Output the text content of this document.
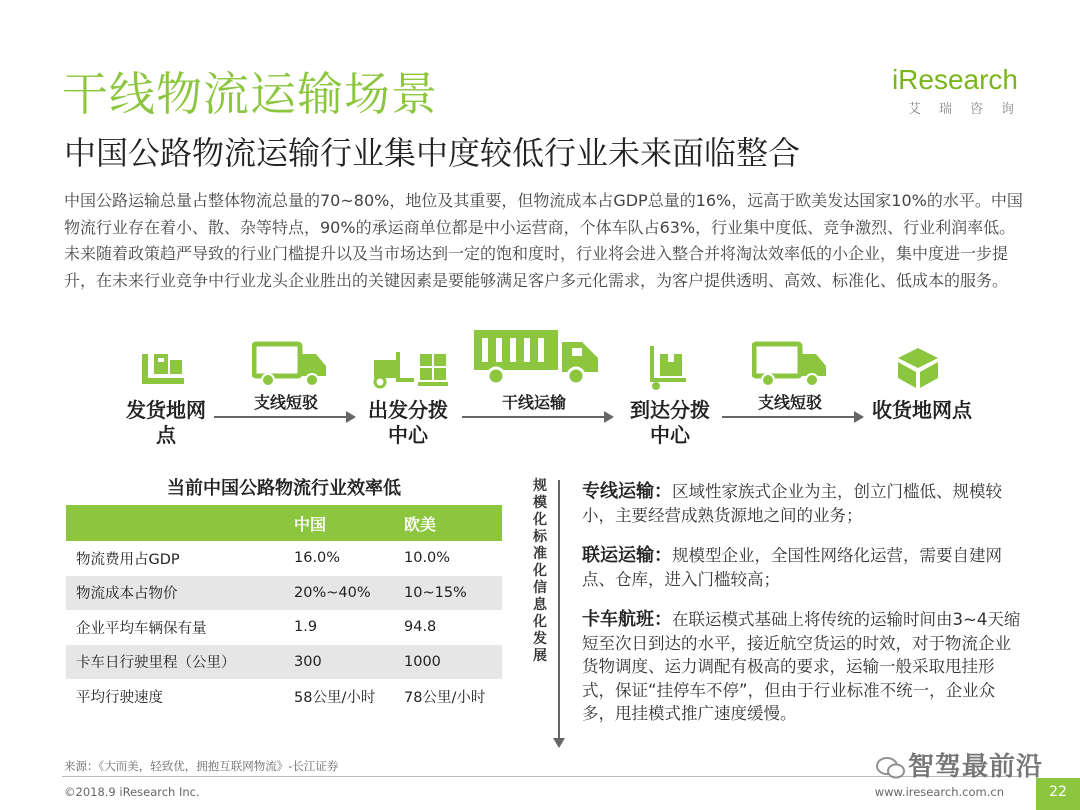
干线物流运输场景	iResearch
艾瑞咨询
中国公路物流运输行业集中度较低行业未来面临整合
中国公路运输总量占整体物流总量的70~80%，地位及其重要，但物流成本占GDP总量的16%，远高于欧美发达国家10%的水平。中国物流行业存在着小、散、杂等特点，90%的承运商单位都是中小运营商，个体车队占63%，行业集中度低、竞争激烈、行业利润率低。未来随着政策趋严导致的行业门槛提升以及当市场达到一定的饱和度时，行业将会进入整合并将淘汰效率低的小企业，集中度进一步提升，在未来行业竞争中行业龙头企业胜出的关键因素是要能够满足客户多元化需求，为客户提供透明、高效、标准化、低成本的服务。
发货地网点
出发分拨中心
到达分拨中心
收货地网点
支线短驳	干线运输	支线短驳
当前中国公路物流行业效率低
	中国	欧美
物流费用占GDP	16.0%	10.0%
物流成本占物价	20%~40%	10~15%
企业平均车辆保有量	1.9	94.8
卡车日行驶里程（公里）	300	1000
平均行驶速度	58公里/小时	78公里/小时
规模化 标准化 信息化发展
专线运输：区域性家族式企业为主，创立门槛低、规模较小，主要经营成熟货源地之间的业务；
联运运输：规模型企业，全国性网络化运营，需要自建网点、仓库，进入门槛较高；
卡车航班：在联运模式基础上将传统的运输时间由3~4天缩短至次日到达的水平，接近航空货运的时效，对于物流企业货物调度、运力调配有极高的要求，运输一般采取甩挂形式，保证“挂停车不停”，但由于行业标准不统一，企业众多，甩挂模式推广速度缓慢。
来源：《大而美，轻致优，拥抱互联网物流》-长江证券
©2018.9 iResearch Inc.	www.iresearch.com.cn	22
智驾最前沿
